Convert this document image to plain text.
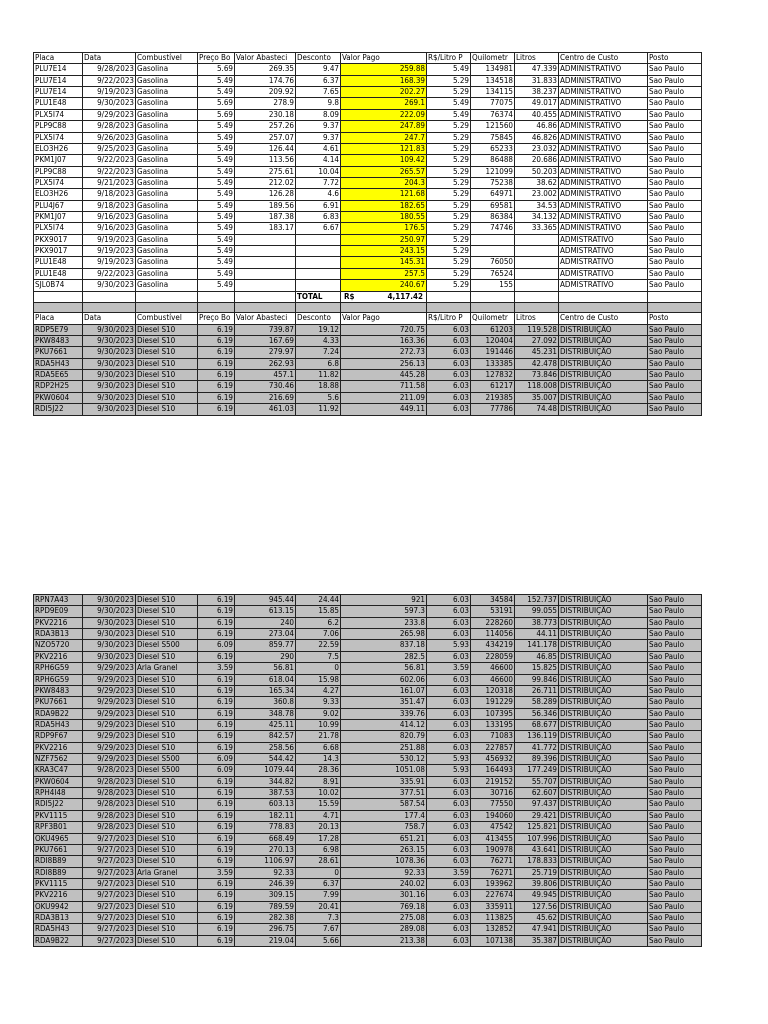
Placa	Data	Combustível	Preço Bo	Valor Abasteci	Desconto	Valor Pago	R$/Litro P	Quilometr	Litros	Centro de Custo	Posto
PLU7E14	9/28/2023	Gasolina	5.69	269.35	9.47	259.88	5.49	134981	47.339	ADMINISTRATIVO	Sao Paulo
PLU7E14	9/22/2023	Gasolina	5.49	174.76	6.37	168.39	5.29	134518	31.833	ADMINISTRATIVO	Sao Paulo
PLU7E14	9/19/2023	Gasolina	5.49	209.92	7.65	202.27	5.29	134115	38.237	ADMINISTRATIVO	Sao Paulo
PLU1E48	9/30/2023	Gasolina	5.69	278.9	9.8	269.1	5.49	77075	49.017	ADMINISTRATIVO	Sao Paulo
PLX5I74	9/29/2023	Gasolina	5.69	230.18	8.09	222.09	5.49	76374	40.455	ADMINISTRATIVO	Sao Paulo
PLP9C88	9/28/2023	Gasolina	5.49	257.26	9.37	247.89	5.29	121560	46.86	ADMINISTRATIVO	Sao Paulo
PLX5I74	9/26/2023	Gasolina	5.49	257.07	9.37	247.7	5.29	75845	46.826	ADMINISTRATIVO	Sao Paulo
ELO3H26	9/25/2023	Gasolina	5.49	126.44	4.61	121.83	5.29	65233	23.032	ADMINISTRATIVO	Sao Paulo
PKM1J07	9/22/2023	Gasolina	5.49	113.56	4.14	109.42	5.29	86488	20.686	ADMINISTRATIVO	Sao Paulo
PLP9C88	9/22/2023	Gasolina	5.49	275.61	10.04	265.57	5.29	121099	50.203	ADMINISTRATIVO	Sao Paulo
PLX5I74	9/21/2023	Gasolina	5.49	212.02	7.72	204.3	5.29	75238	38.62	ADMINISTRATIVO	Sao Paulo
ELO3H26	9/18/2023	Gasolina	5.49	126.28	4.6	121.68	5.29	64971	23.002	ADMINISTRATIVO	Sao Paulo
PLU4J67	9/18/2023	Gasolina	5.49	189.56	6.91	182.65	5.29	69581	34.53	ADMINISTRATIVO	Sao Paulo
PKM1J07	9/16/2023	Gasolina	5.49	187.38	6.83	180.55	5.29	86384	34.132	ADMINISTRATIVO	Sao Paulo
PLX5I74	9/16/2023	Gasolina	5.49	183.17	6.67	176.5	5.29	74746	33.365	ADMINISTRATIVO	Sao Paulo
PKX9017	9/19/2023	Gasolina	5.49			250.97	5.29			ADMISTRATIVO	Sao Paulo
PKX9017	9/19/2023	Gasolina	5.49			243.15	5.29			ADMISTRATIVO	Sao Paulo
PLU1E48	9/19/2023	Gasolina	5.49			145.31	5.29	76050		ADMISTRATIVO	Sao Paulo
PLU1E48	9/22/2023	Gasolina	5.49			257.5	5.29	76524		ADMISTRATIVO	Sao Paulo
SJL0B74	9/30/2023	Gasolina	5.49			240.67	5.29	155		ADMISTRATIVO	Sao Paulo
					TOTAL	R$ 4,117.42					

Placa	Data	Combustível	Preço Bo	Valor Abasteci	Desconto	Valor Pago	R$/Litro P	Quilometr	Litros	Centro de Custo	Posto
RDP5E79	9/30/2023	Diesel S10	6.19	739.87	19.12	720.75	6.03	61203	119.528	DISTRIBUIÇÃO	Sao Paulo
PKW8483	9/30/2023	Diesel S10	6.19	167.69	4.33	163.36	6.03	120404	27.092	DISTRIBUIÇÃO	Sao Paulo
PKU7661	9/30/2023	Diesel S10	6.19	279.97	7.24	272.73	6.03	191446	45.231	DISTRIBUIÇÃO	Sao Paulo
RDA5H43	9/30/2023	Diesel S10	6.19	262.93	6.8	256.13	6.03	133385	42.478	DISTRIBUIÇÃO	Sao Paulo
RDA5E65	9/30/2023	Diesel S10	6.19	457.1	11.82	445.28	6.03	127832	73.846	DISTRIBUIÇÃO	Sao Paulo
RDP2H25	9/30/2023	Diesel S10	6.19	730.46	18.88	711.58	6.03	61217	118.008	DISTRIBUIÇÃO	Sao Paulo
PKW0604	9/30/2023	Diesel S10	6.19	216.69	5.6	211.09	6.03	219385	35.007	DISTRIBUIÇÃO	Sao Paulo
RDI5J22	9/30/2023	Diesel S10	6.19	461.03	11.92	449.11	6.03	77786	74.48	DISTRIBUIÇÃO	Sao Paulo
RPN7A43	9/30/2023	Diesel S10	6.19	945.44	24.44	921	6.03	34584	152.737	DISTRIBUIÇÃO	Sao Paulo
RPD9E09	9/30/2023	Diesel S10	6.19	613.15	15.85	597.3	6.03	53191	99.055	DISTRIBUIÇÃO	Sao Paulo
PKV2216	9/30/2023	Diesel S10	6.19	240	6.2	233.8	6.03	228260	38.773	DISTRIBUIÇÃO	Sao Paulo
RDA3B13	9/30/2023	Diesel S10	6.19	273.04	7.06	265.98	6.03	114056	44.11	DISTRIBUIÇÃO	Sao Paulo
NZO5720	9/30/2023	Diesel S500	6.09	859.77	22.59	837.18	5.93	434219	141.178	DISTRIBUIÇÃO	Sao Paulo
PKV2216	9/30/2023	Diesel S10	6.19	290	7.5	282.5	6.03	228059	46.85	DISTRIBUIÇÃO	Sao Paulo
RPH6G59	9/29/2023	Arla Granel	3.59	56.81	0	56.81	3.59	46600	15.825	DISTRIBUIÇÃO	Sao Paulo
RPH6G59	9/29/2023	Diesel S10	6.19	618.04	15.98	602.06	6.03	46600	99.846	DISTRIBUIÇÃO	Sao Paulo
PKW8483	9/29/2023	Diesel S10	6.19	165.34	4.27	161.07	6.03	120318	26.711	DISTRIBUIÇÃO	Sao Paulo
PKU7661	9/29/2023	Diesel S10	6.19	360.8	9.33	351.47	6.03	191229	58.289	DISTRIBUIÇÃO	Sao Paulo
RDA9B22	9/29/2023	Diesel S10	6.19	348.78	9.02	339.76	6.03	107395	56.346	DISTRIBUIÇÃO	Sao Paulo
RDA5H43	9/29/2023	Diesel S10	6.19	425.11	10.99	414.12	6.03	133195	68.677	DISTRIBUIÇÃO	Sao Paulo
RDP9F67	9/29/2023	Diesel S10	6.19	842.57	21.78	820.79	6.03	71083	136.119	DISTRIBUIÇÃO	Sao Paulo
PKV2216	9/29/2023	Diesel S10	6.19	258.56	6.68	251.88	6.03	227857	41.772	DISTRIBUIÇÃO	Sao Paulo
NZF7562	9/29/2023	Diesel S500	6.09	544.42	14.3	530.12	5.93	456932	89.396	DISTRIBUIÇÃO	Sao Paulo
KRA3C47	9/28/2023	Diesel S500	6.09	1079.44	28.36	1051.08	5.93	164493	177.249	DISTRIBUIÇÃO	Sao Paulo
PKW0604	9/28/2023	Diesel S10	6.19	344.82	8.91	335.91	6.03	219152	55.707	DISTRIBUIÇÃO	Sao Paulo
RPH4I48	9/28/2023	Diesel S10	6.19	387.53	10.02	377.51	6.03	30716	62.607	DISTRIBUIÇÃO	Sao Paulo
RDI5J22	9/28/2023	Diesel S10	6.19	603.13	15.59	587.54	6.03	77550	97.437	DISTRIBUIÇÃO	Sao Paulo
PKV1115	9/28/2023	Diesel S10	6.19	182.11	4.71	177.4	6.03	194060	29.421	DISTRIBUIÇÃO	Sao Paulo
RPF3B01	9/28/2023	Diesel S10	6.19	778.83	20.13	758.7	6.03	47542	125.821	DISTRIBUIÇÃO	Sao Paulo
OKU4965	9/27/2023	Diesel S10	6.19	668.49	17.28	651.21	6.03	413455	107.996	DISTRIBUIÇÃO	Sao Paulo
PKU7661	9/27/2023	Diesel S10	6.19	270.13	6.98	263.15	6.03	190978	43.641	DISTRIBUIÇÃO	Sao Paulo
RDI8B89	9/27/2023	Diesel S10	6.19	1106.97	28.61	1078.36	6.03	76271	178.833	DISTRIBUIÇÃO	Sao Paulo
RDI8B89	9/27/2023	Arla Granel	3.59	92.33	0	92.33	3.59	76271	25.719	DISTRIBUIÇÃO	Sao Paulo
PKV1115	9/27/2023	Diesel S10	6.19	246.39	6.37	240.02	6.03	193962	39.806	DISTRIBUIÇÃO	Sao Paulo
PKV2216	9/27/2023	Diesel S10	6.19	309.15	7.99	301.16	6.03	227674	49.945	DISTRIBUIÇÃO	Sao Paulo
OKU9942	9/27/2023	Diesel S10	6.19	789.59	20.41	769.18	6.03	335911	127.56	DISTRIBUIÇÃO	Sao Paulo
RDA3B13	9/27/2023	Diesel S10	6.19	282.38	7.3	275.08	6.03	113825	45.62	DISTRIBUIÇÃO	Sao Paulo
RDA5H43	9/27/2023	Diesel S10	6.19	296.75	7.67	289.08	6.03	132852	47.941	DISTRIBUIÇÃO	Sao Paulo
RDA9B22	9/27/2023	Diesel S10	6.19	219.04	5.66	213.38	6.03	107138	35.387	DISTRIBUIÇÃO	Sao Paulo
